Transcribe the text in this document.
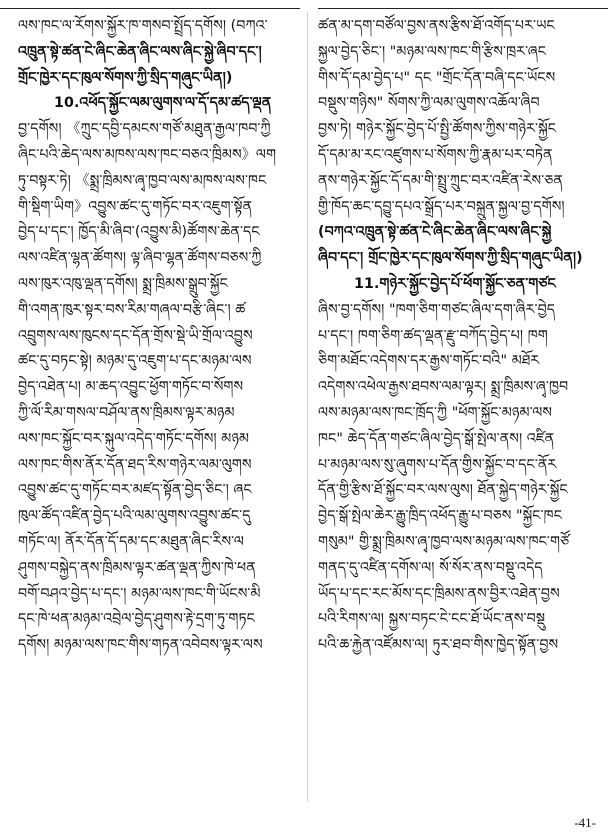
ལས་ཁང་ལ་རོགས་སྐྱོར་ཁ་གསབ་སྤྲོད་དགོས། (བཀའ་
འཁྲུན་སྟེ་ཚན་ངེ་ཞིང་ཆེན་ཞིང་ལས་ཞིང་སྐྱེ་ཞིབ་དང་།
གྲོང་ཁྱེར་དང་ཁུལ་སོགས་ཀྱི་སྲིད་གཞུང་ཡིན།)
10.འཕོད་སྐྱོང་ལམ་ལུགས་ལ་དོ་དམ་ཚད་ལྡན
བྱ་དགོས། 《ཀྲུང་དབྱི་དམངས་གཙོ་མཐུན་རྒྱལ་ཁབ་ཀྱི
ཞིང་པའི་ཆེད་ལས་མཁས་ལས་ཁང་བཅའ་ཁྲིམས》ལག
ཏུ་བསྟར་ཏེ། 《སྨྲ་ཁྲིམས་ཞྭ་ཁྱབ་ལས་མཁས་ལས་ཁང
གི་སྡིག་ཡིག》འབྱུས་ཚང་དུ་གཏོང་བར་འཇུག་སྟོན
བྱེད་པ་དང་། ཁྱོད་མི་ཞིབ་(འབྱུས་མི)ཚོགས་ཆེན་དང
ལས་འཛིན་ལྷན་ཚོགས། ལྟ་ཞིབ་ལྷན་ཚོགས་བཅས་ཀྱི
ལས་ཁུར་འཁུ་ལྡན་དགོས། སྨྲ་ཁྲིམས་སྒྲུབ་སྐྱོང
གི་འགན་ཁུར་སྟར་བས་རིམ་གཞལ་བརྩི་ཞིང་། ཚ
འབྲུགས་ལས་ཁུངས་དང་དོན་གྲོས་སྡེ་ཡི་གྲོལ་འབྱུས
ཚང་དུ་བཏང་སྟེ། མཉམ་དུ་འཇུག་པ་དང་མཉམ་ལས
བྱེད་འཐེན་པ། མ་ཆད་འབྱུང་ཕྱོག་གཏོང་བ་སོགས
ཀྱི་ལོ་རིམ་གསལ་བཤོལ་ནས་ཁྲིམས་ལྟར་མཉམ
ལས་ཁང་སྐྱོང་བར་སྐུལ་འདེད་གཏོང་དགོས། མཉམ
ལས་ཁང་གིས་ནོར་དོན་ཐད་རིས་གཉེར་ལམ་ལུགས
འབྱུས་ཚང་དུ་གཏོང་བར་མཛད་སྟོན་བྱེད་ཅིང་། ཞང
ཁུལ་ཚོད་འཛིན་བྱེད་པའི་ལམ་ལུགས་འབྱུས་ཚང་དུ
གཏོང་ལ། ནོར་དོན་དོ་དམ་དང་མཐུན་ཞིང་རིས་ལ
ཤུགས་བསྐྱེད་ནས་ཁྲིམས་ལྟར་ཚན་ལྡན་ཀྱིས་ཁེ་ཕན
བགོ་བཤའ་བྱེད་པ་དང་། མཉམ་ལས་ཁང་གི་ཡོངས་མི
དང་ཁེ་ཕན་མཉམ་འབྲེལ་བྱེད་ཤུགས་རྟེ་དྲག་ཏུ་གཏང
དགོས། མཉམ་ལས་ཁང་གིས་གཏན་འབེབས་ལྟར་ལས
ཚན་མ་དག་བཙོལ་བྱས་ནས་རྩིས་ཐོ་འགོད་པར་ཡང
སྐྱལ་བྱེད་ཅིང་། "མཉམ་ལས་ཁང་གི་རྩིས་ཁྲར་ཞང
གིས་དོ་དམ་བྱེད་པ" དང "གྲོང་དོན་བཞི་དང་ཡོངས
བསྡུས་གཉིས" སོགས་ཀྱི་ལམ་ལུགས་འཆོལ་ཞིབ
བྱས་ཏེ། གཉེར་སྐྱོང་བྱེད་པོ་སྤྱི་ཚོགས་ཀྱིས་གཉེར་སྐྱོང
དོ་དམ་མ་རང་འཛུགས་པ་སོགས་ཀྱི་རྣམ་པར་བཏེན
ནས་གཉེར་སྐྱོང་དོ་དམ་གི་སྤྲུ་ཀྲུང་བར་འཛིན་རེས་ཅན
གྱི་ཁོད་ཆང་དབྱུ་དཔའ་སྒྲོད་པར་བསྐྲུན་སྐྱལ་བྱ་དགོས།
(བཀའ་འཁྲུན་སྟེ་ཚན་ངེ་ཞིང་ཆེན་ཞིང་ལས་ཞིང་སྐྱེ
ཞིབ་དང་། གྲོང་ཁྱེར་དང་ཁུལ་སོགས་ཀྱི་སྲིད་གཞུང་ཡིན།)
11.གཉེར་སྐྱོང་བྱེད་པོ་ཕོག་སྐྱོང་ཅན་གཙང
ཞིས་བྱ་དགོས། "ཁག་ཅིག་གཙང་ཞིལ་དག་ཞིར་བྱེད
པ་དང་། ཁག་ཅིག་ཚད་ལྡན་རྫུ་བཀོད་བྱེད་པ། ཁག
ཅིག་མཐོང་འདེགས་དར་རྒྱས་གཏོང་བའི" མཐོར
འདེགས་འཕེལ་རྒྱས་ཐབས་ལམ་ལྟར། སྨྲ་ཁྲིམས་ཞྭ་ཁྱབ
ལས་མཉམ་ལས་ཁང་ཁྲོད་ཀྱི "ཕོག་སྐྱོང་མཉམ་ལས
ཁང" ཆེད་དོན་གཙང་ཞིལ་བྱེད་སྒོ་སྤེལ་ནས། འཛིན
པ་མཉམ་ལས་སུ་ཞུགས་པ་དོན་གྱིས་སྐྱོང་བ་དང་ནོར
དོན་གྱི་རྩིས་ཐོ་སྐྱོང་བར་ལས་ལུས། ཐོན་སྐྱེད་གཉེར་སྐྱོང
བྱེད་སྒོ་སྤེལ་ཆེར་རྒྱུ་ཁྲིད་འཕོད་རྒྱུ་པ་བཅས "སྐྱོང་ཁང
གསུམ" གྱི་སྨྲ་ཁྲིམས་ཞྭ་ཁྱབ་ལས་མཉམ་ལས་ཁང་གཙོ
གནད་དུ་འཛིན་དགོས་ལ། སོ་སོར་ནས་བསྡུ་འདེད
ཡོད་པ་དང་རང་མོས་དང་ཁྲིམས་ནས་བྱིར་འཐེན་བྱས
པའི་རིགས་ལ། སྐྱས་བཏང་ངེ་ངང་ཐོ་ཡོང་ནས་བསྡུ
པའི་ཆ་རྐྱེན་འཛོམས་ལ། ཏུར་ཐབ་གིས་ཁྱེད་སྟོན་བྱས
-41-
